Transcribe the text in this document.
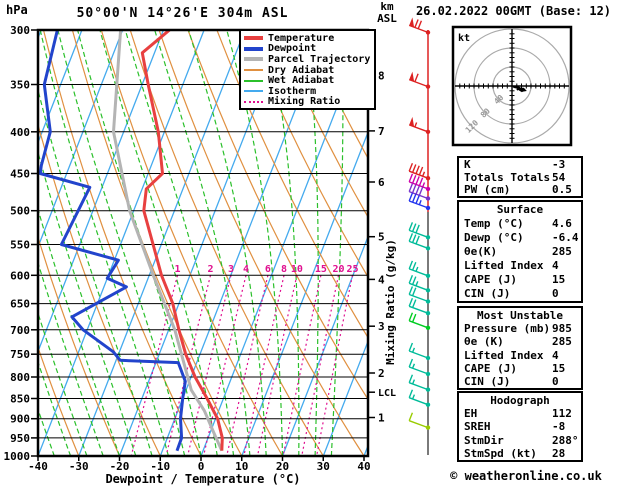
1	2 3 4 6 8 10 15 20 25
300
350
400
450
500
550
600
650
700
750
800
850
900
950
1000
-40 -30 -20 -10	0	10	20	30	40
1
2
3
4
5
6
7
8
LCL
Mixing Ratio (g/kg)
40
80
120
kt
hPa	50°00'N 14°26'E 304m ASL	26.02.2022 00GMT (Base: 12)
km
ASL
Temperature
Dewpoint
Parcel Trajectory
Dry Adiabat
Wet Adiabat
Isotherm
Mixing Ratio
Dewpoint / Temperature (°C)
K	-3
Totals Totals 54
PW (cm)	0.5
Surface
Temp (°C)	4.6
Dewp (°C)	-6.4
θe(K)	285
Lifted Index 4
CAPE (J)	15
CIN (J)	0
Most Unstable
Pressure (mb) 985
θe (K)	285
Lifted Index 4
CAPE (J)	15
CIN (J)	0
Hodograph
EH	112
SREH	-8
StmDir	288°
StmSpd (kt)	28
© weatheronline.co.uk
